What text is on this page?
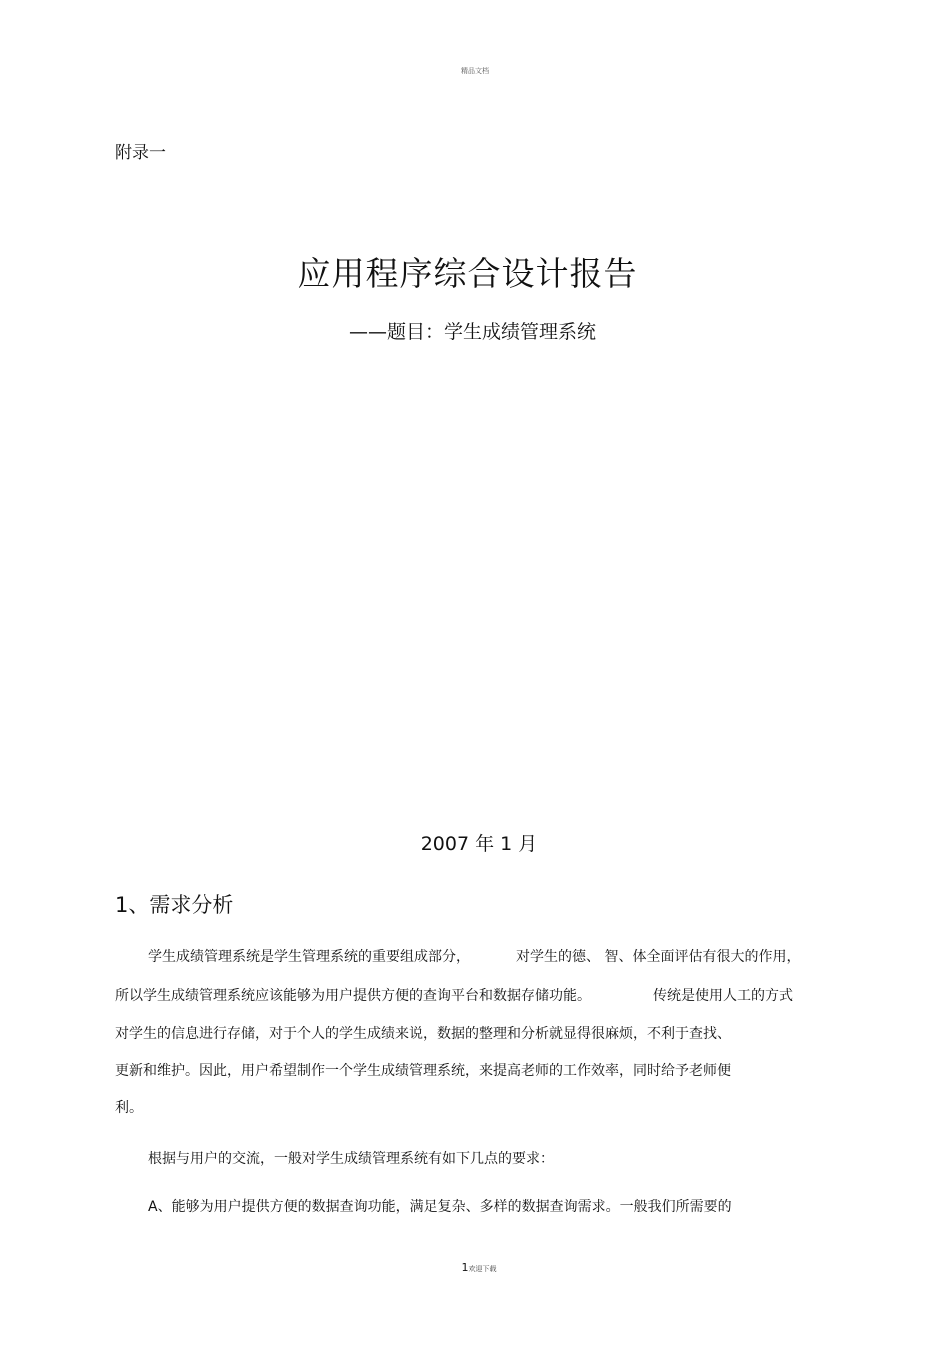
精品文档
附录一
应用程序综合设计报告
——题目：学生成绩管理系统
2007 年 1 月
1、需求分析
学生成绩管理系统是学生管理系统的重要组成部分，	对学生的德、 智、体全面评估有很大的作用，
所以学生成绩管理系统应该能够为用户提供方便的查询平台和数据存储功能。	传统是使用人工的方式
对学生的信息进行存储，对于个人的学生成绩来说，数据的整理和分析就显得很麻烦，不利于查找、
更新和维护。因此，用户希望制作一个学生成绩管理系统，来提高老师的工作效率，同时给予老师便
利。
根据与用户的交流，一般对学生成绩管理系统有如下几点的要求：
A、能够为用户提供方便的数据查询功能，满足复杂、多样的数据查询需求。一般我们所需要的
1欢迎下载
